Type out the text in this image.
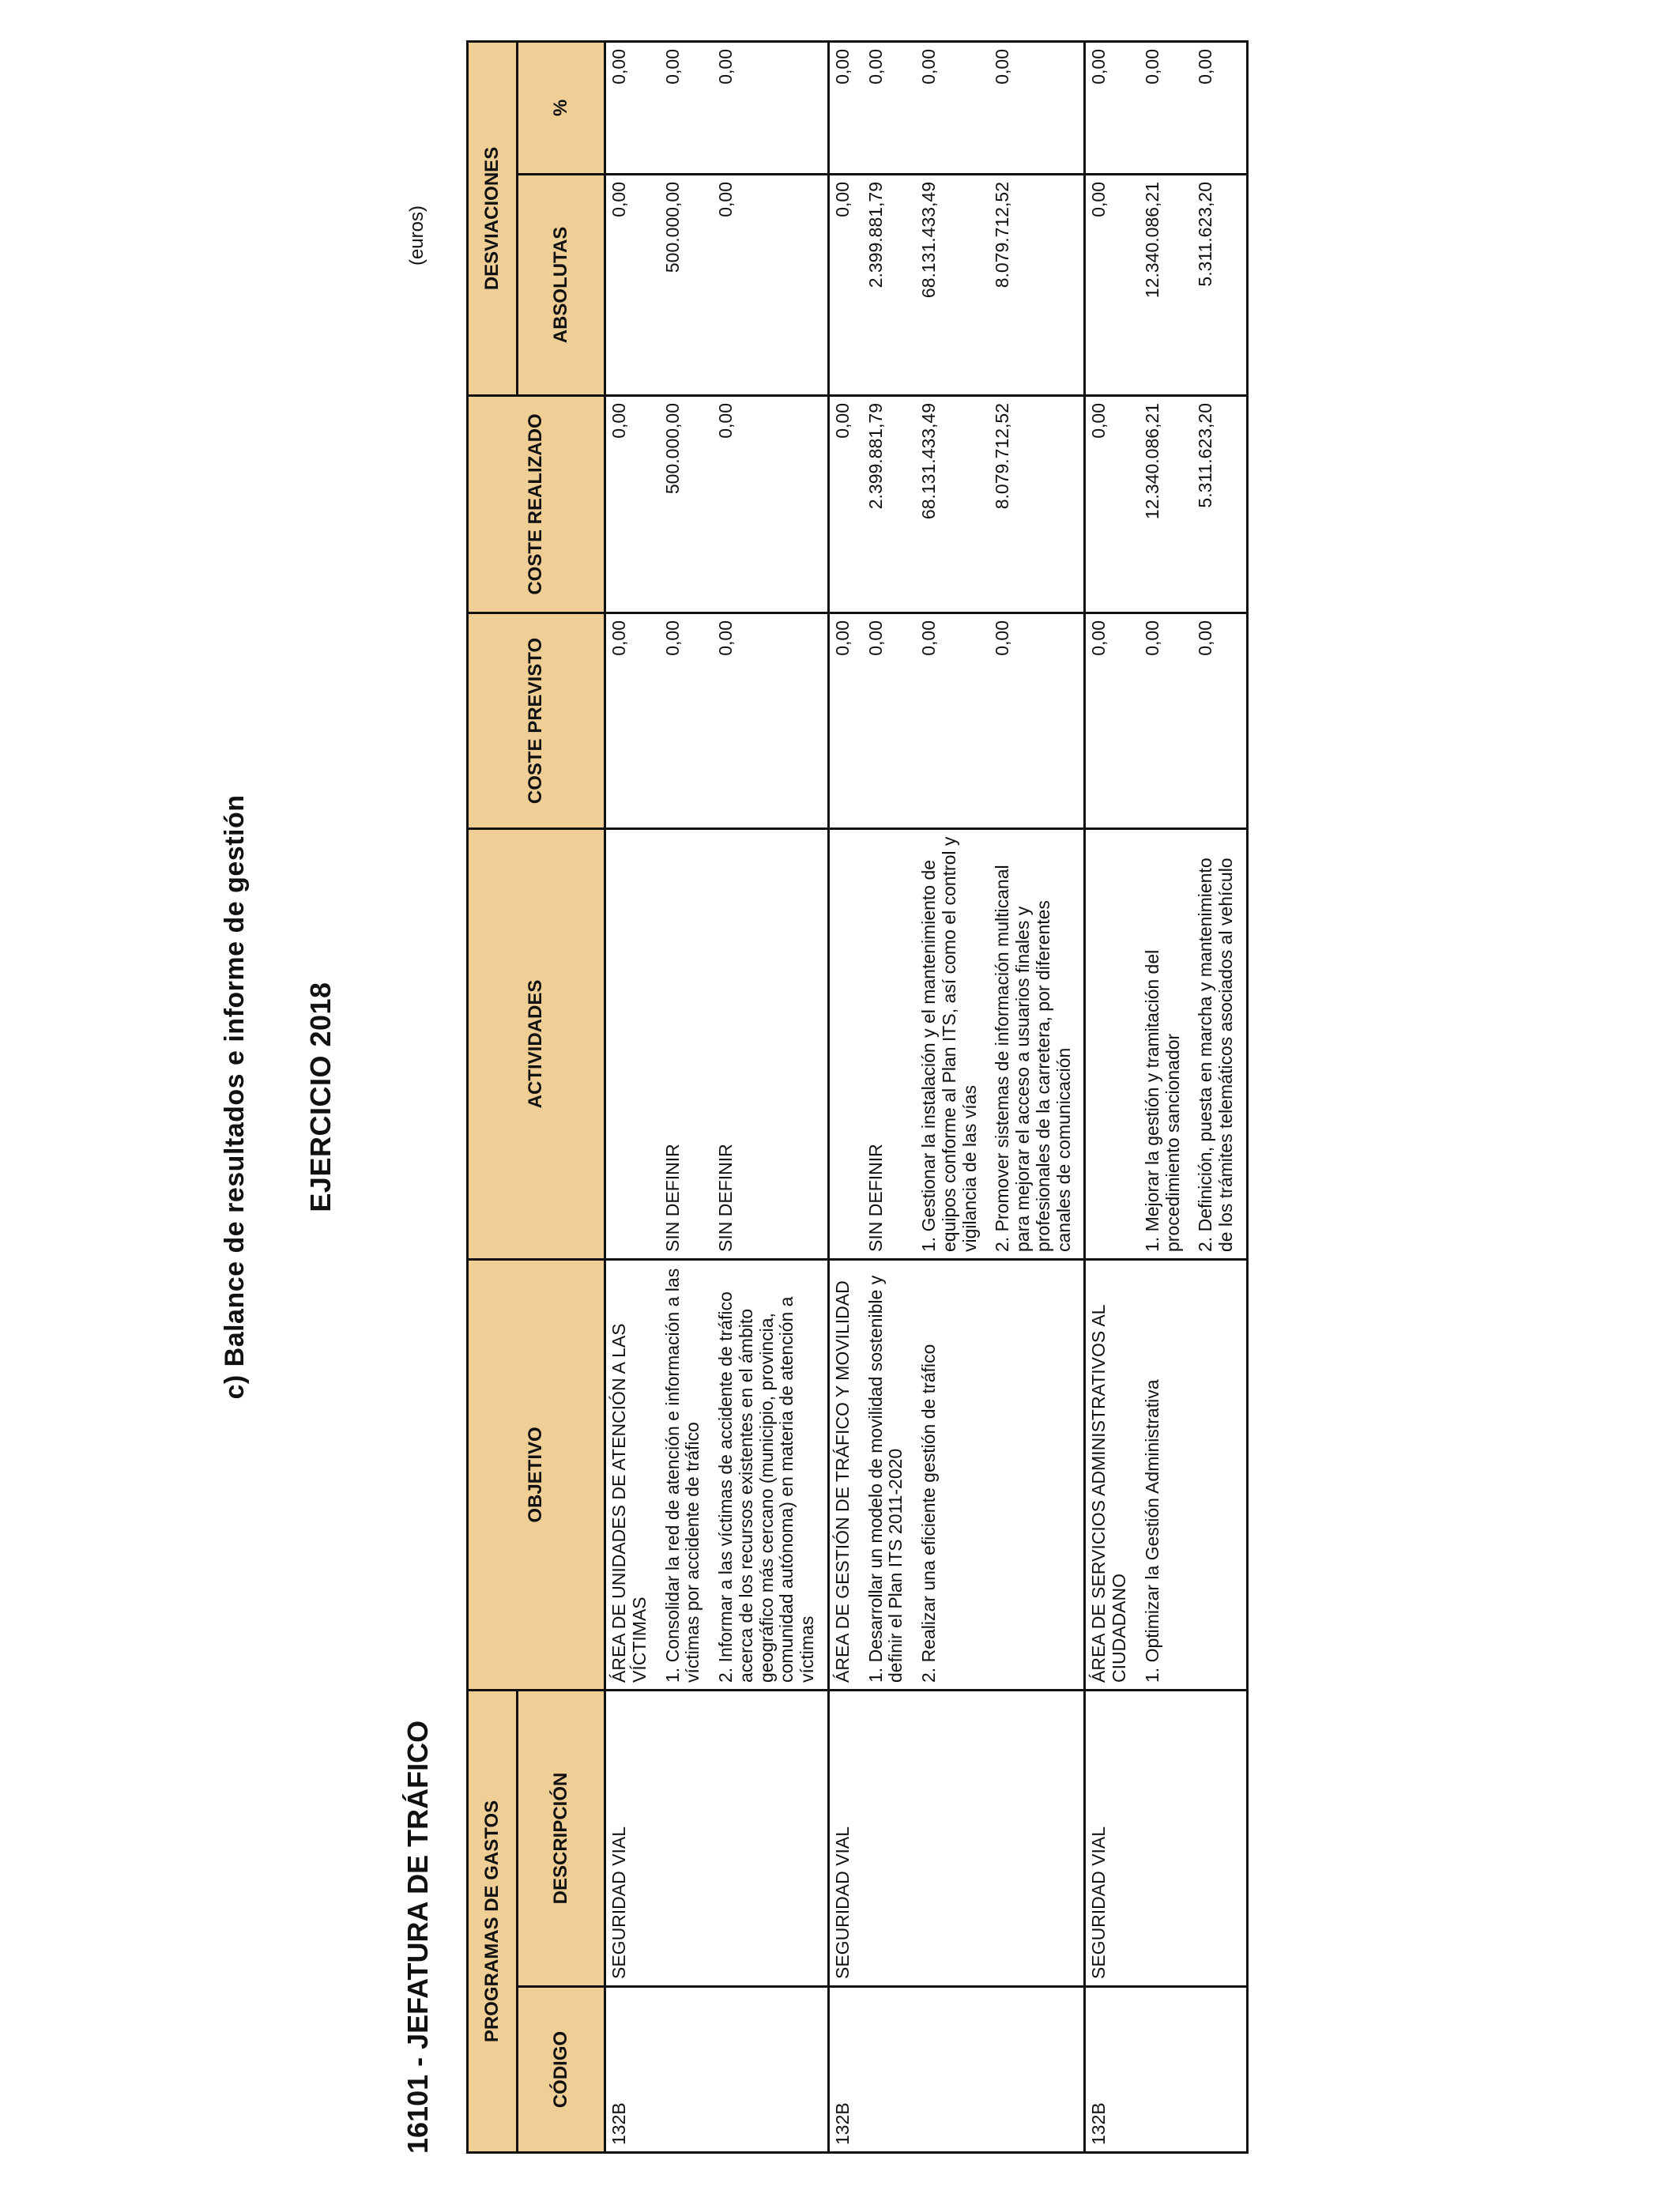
c) Balance de resultados e informe de gestión EJERCICIO 2018
16101 - JEFATURA DE TRÁFICO
(euros)
PROGRAMAS DE GASTOS		OBJETIVO	ACTIVIDADES	COSTE PREVISTO	COSTE REALIZADO	DESVIACIONES	
CÓDIGO	DESCRIPCIÓN					ABSOLUTAS	%
132B	SEGURIDAD VIAL	ÁREA DE UNIDADES DE ATENCIÓN A LAS VÍCTIMAS		0,00	0,00	0,00	0,00
		1. Consolidar la red de atención e información a las víctimas por accidente de tráfico	SIN DEFINIR	0,00	500.000,00	500.000,00	0,00
		2. Informar a las víctimas de accidente de tráfico acerca de los recursos existentes en el ámbito geográfico más cercano (municipio, provincia, comunidad autónoma) en materia de atención a víctimas	SIN DEFINIR	0,00	0,00	0,00	0,00
132B	SEGURIDAD VIAL	ÁREA DE GESTIÓN DE TRÁFICO Y MOVILIDAD		0,00	0,00	0,00	0,00
		1. Desarrollar un modelo de movilidad sostenible y definir el Plan ITS 2011-2020	SIN DEFINIR	0,00	2.399.881,79	2.399.881,79	0,00
		2. Realizar una eficiente gestión de tráfico	1. Gestionar la instalación y el mantenimiento de equipos conforme al Plan ITS, así como el control y vigilancia de las vías	0,00	68.131.433,49	68.131.433,49	0,00
			2. Promover sistemas de información multicanal para mejorar el acceso a usuarios finales y profesionales de la carretera, por diferentes canales de comunicación	0,00	8.079.712,52	8.079.712,52	0,00
132B	SEGURIDAD VIAL	ÁREA DE SERVICIOS ADMINISTRATIVOS AL CIUDADANO		0,00	0,00	0,00	0,00
		1. Optimizar la Gestión Administrativa	1. Mejorar la gestión y tramitación del procedimiento sancionador	0,00	12.340.086,21	12.340.086,21	0,00
			2. Definición, puesta en marcha y mantenimiento de los trámites telemáticos asociados al vehículo	0,00	5.311.623,20	5.311.623,20	0,00
